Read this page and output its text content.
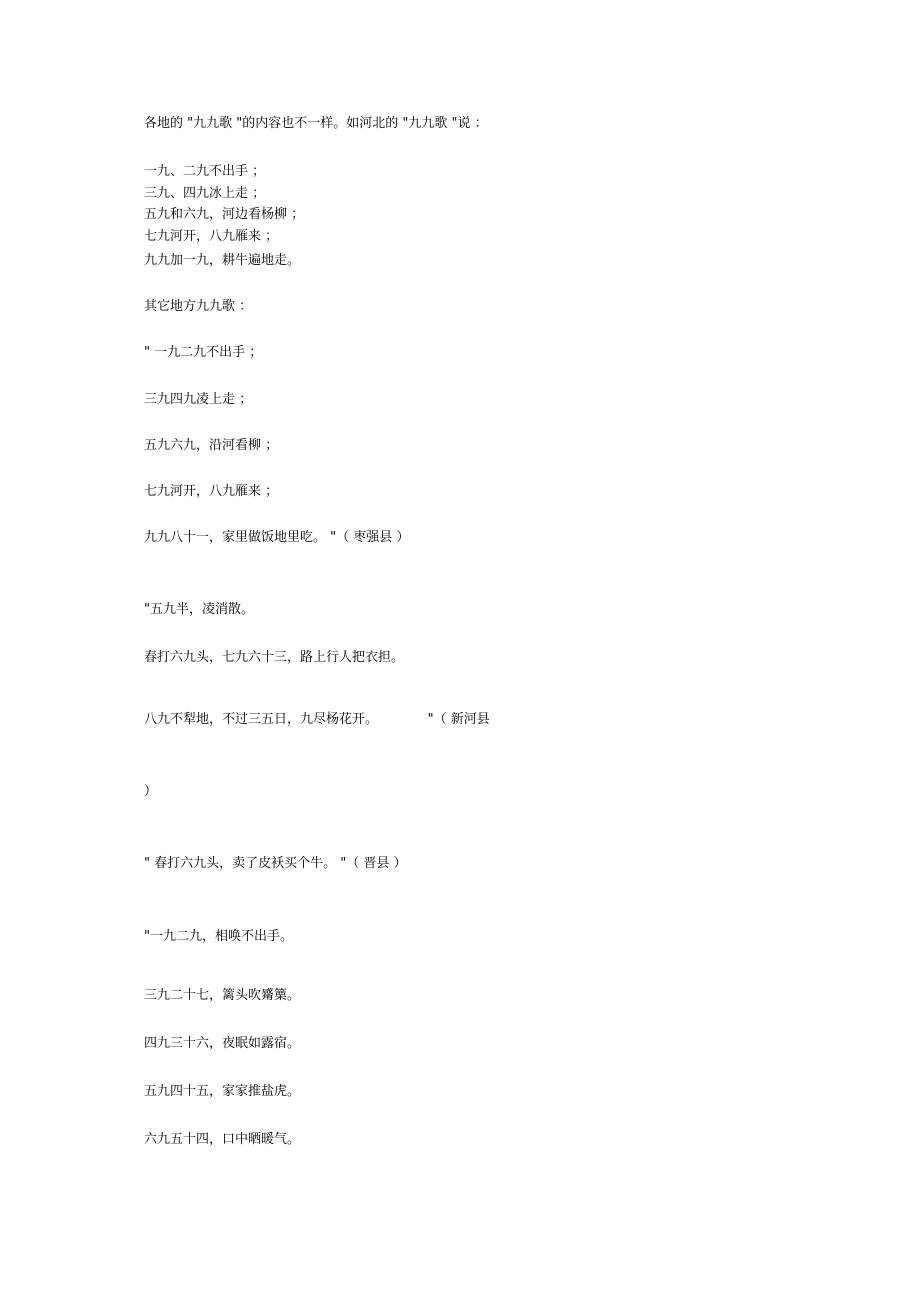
各地的 "九九歌 "的内容也不一样。如河北的 "九九歌 "说 ：

一九、二九不出手 ；

三九、四九冰上走 ；

五九和六九，河边看杨柳 ；

七九河开，八九雁来 ；

九九加一九，耕牛遍地走。

其它地方九九歌 ：

" 一九二九不出手 ；

三九四九凌上走 ；

五九六九，沿河看柳 ；

七九河开，八九雁来 ；

九九八十一，家里做饭地里吃。 "（ 枣强县 ）

"五九半，凌消散。

春打六九头，七九六十三，路上行人把衣担。

八九不犁地，不过三五日，九尽杨花开。            "（ 新河县

）

" 春打六九头，卖了皮袄买个牛。 "（ 晋县 ）

"一九二九，相唤不出手。

三九二十七，篱头吹觱篥。

四九三十六，夜眠如露宿。

五九四十五，家家推盐虎。

六九五十四，口中晒暖气。
